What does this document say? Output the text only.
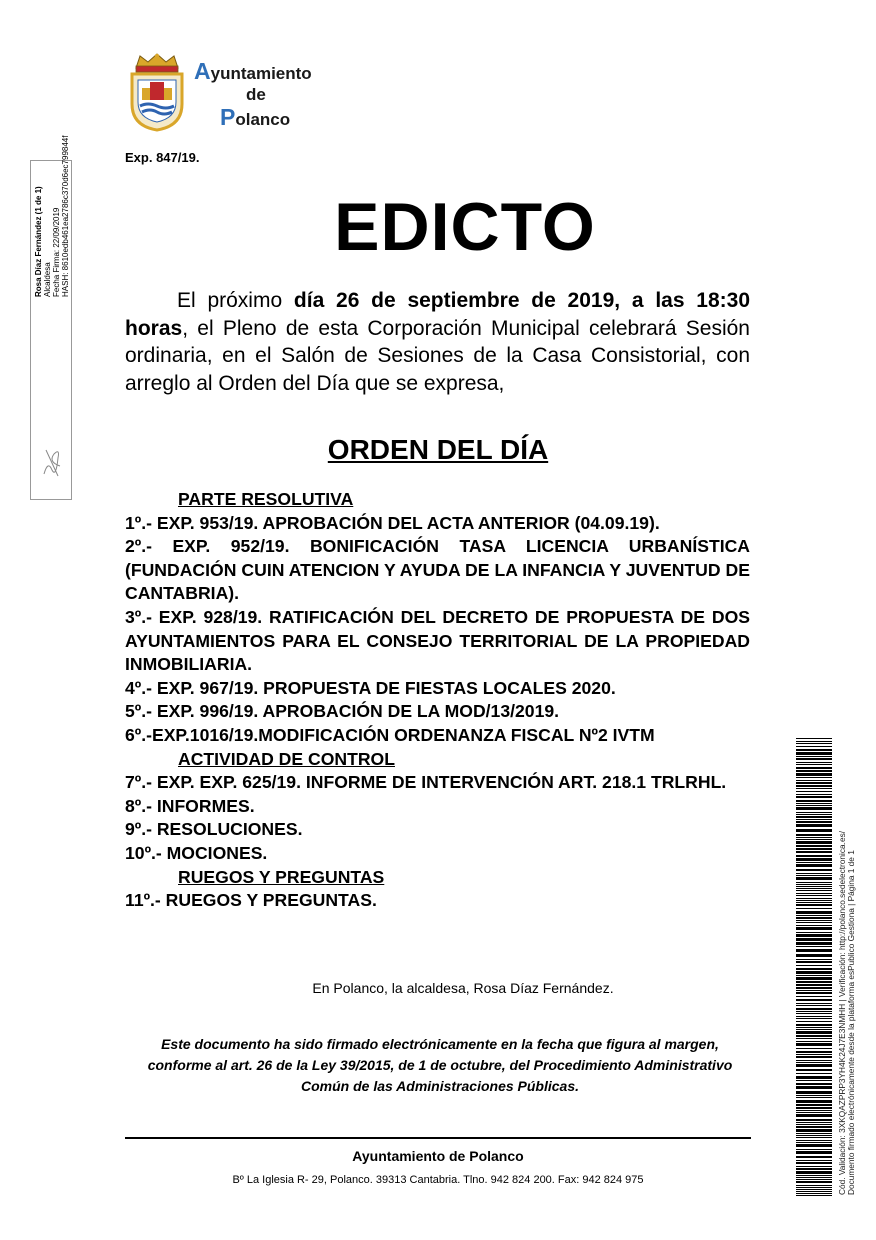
Ayuntamiento
de
Polanco
Exp. 847/19.
Rosa Díaz Fernández (1 de 1) Alcaldesa Fecha Firma: 22/09/2019 HASH: 8610edb461ea2786c370d6ec799844f	EDICTO
El próximo día 26 de septiembre de 2019, a las 18:30 horas, el Pleno de esta Corporación Municipal celebrará Sesión ordinaria, en el Salón de Sesiones de la Casa Consistorial, con arreglo al Orden del Día que se expresa,
ORDEN DEL DÍA
PARTE RESOLUTIVA
1º.- EXP. 953/19. APROBACIÓN DEL ACTA ANTERIOR (04.09.19).
2º.- EXP. 952/19. BONIFICACIÓN TASA LICENCIA URBANÍSTICA (FUNDACIÓN CUIN ATENCION Y AYUDA DE LA INFANCIA Y JUVENTUD DE CANTABRIA).
3º.- EXP. 928/19. RATIFICACIÓN DEL DECRETO DE PROPUESTA DE DOS AYUNTAMIENTOS PARA EL CONSEJO TERRITORIAL DE LA PROPIEDAD INMOBILIARIA.
4º.- EXP. 967/19. PROPUESTA DE FIESTAS LOCALES 2020.
5º.- EXP. 996/19. APROBACIÓN DE LA MOD/13/2019.
6º.-EXP.1016/19.MODIFICACIÓN ORDENANZA FISCAL Nº2 IVTM
ACTIVIDAD DE CONTROL
7º.- EXP. EXP. 625/19. INFORME DE INTERVENCIÓN ART. 218.1 TRLRHL.
8º.- INFORMES.
9º.- RESOLUCIONES.
10º.- MOCIONES.
RUEGOS Y PREGUNTAS
11º.- RUEGOS Y PREGUNTAS.
En Polanco, la alcaldesa, Rosa Díaz Fernández.
Este documento ha sido firmado electrónicamente en la fecha que figura al margen, conforme al art. 26 de la Ley 39/2015, de 1 de octubre, del Procedimiento Administrativo Común de las Administraciones Públicas.
Ayuntamiento de Polanco
Bº La Iglesia R- 29, Polanco. 39313 Cantabria. Tlno. 942 824 200. Fax: 942 824 975	Cód. Validación: 3XKQAZPRP3YH4K24J7E3NMHH | Verificación: http://polanco.sedelectronica.es/ Documento firmado electrónicamente desde la plataforma esPublico Gestiona | Página 1 de 1
